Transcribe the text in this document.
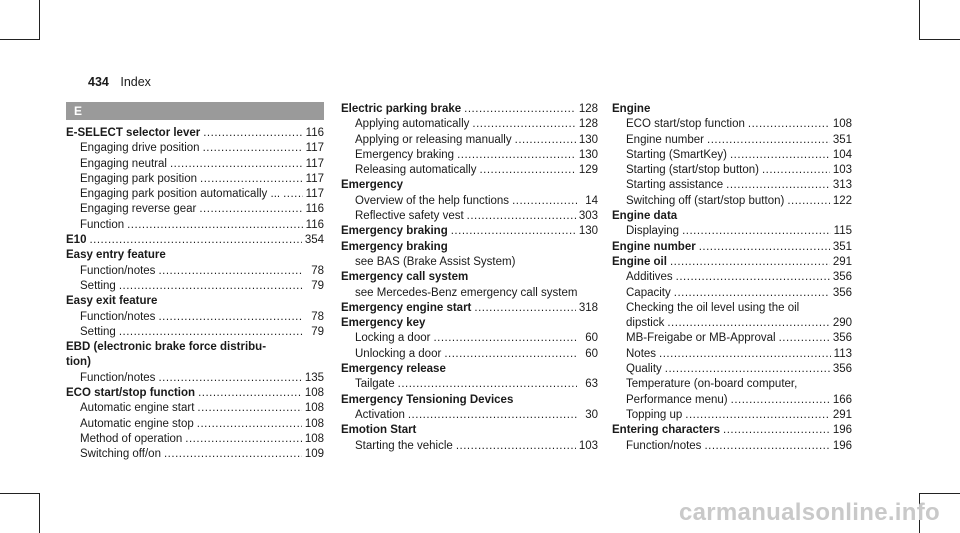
434 Index
E
E-SELECT selector lever .....	116
Engaging drive position .....	117
Engaging neutral .....	117
Engaging park position .....	117
Engaging park position automatically ... ..... 117
Engaging reverse gear .....	116
Function .....	116
E10 .....	354
Easy entry feature
Function/notes .....	78
Setting .....	79
Easy exit feature
Function/notes .....	78
Setting .....	79
EBD (electronic brake force distribu-
tion)
Function/notes .....	135
ECO start/stop function .....	108
Automatic engine start .....	108
Automatic engine stop .....	108
Method of operation .....	108
Switching off/on .....	109
Electric parking brake .....	128
Applying automatically .....	128
Applying or releasing manually .....	130
Emergency braking .....	130
Releasing automatically .....	129
Emergency
Overview of the help functions .....	14
Reflective safety vest .....	303
Emergency braking .....	130
Emergency braking
see BAS (Brake Assist System)
Emergency call system
see Mercedes-Benz emergency call system
Emergency engine start .....	318
Emergency key
Locking a door .....	60
Unlocking a door .....	60
Emergency release
Tailgate .....	63
Emergency Tensioning Devices
Activation .....	30
Emotion Start
Starting the vehicle .....	103
Engine
ECO start/stop function .....	108
Engine number .....	351
Starting (SmartKey) .....	104
Starting (start/stop button) .....	103
Starting assistance .....	313
Switching off (start/stop button) .....	122
Engine data
Displaying .....	115
Engine number .....	351
Engine oil .....	291
Additives .....	356
Capacity .....	356
Checking the oil level using the oil
dipstick .....	290
MB-Freigabe or MB-Approval .....	356
Notes .....	113
Quality .....	356
Temperature (on-board computer,
Performance menu) .....	166
Topping up .....	291
Entering characters .....	196
Function/notes .....	196
carmanualsonline.info
